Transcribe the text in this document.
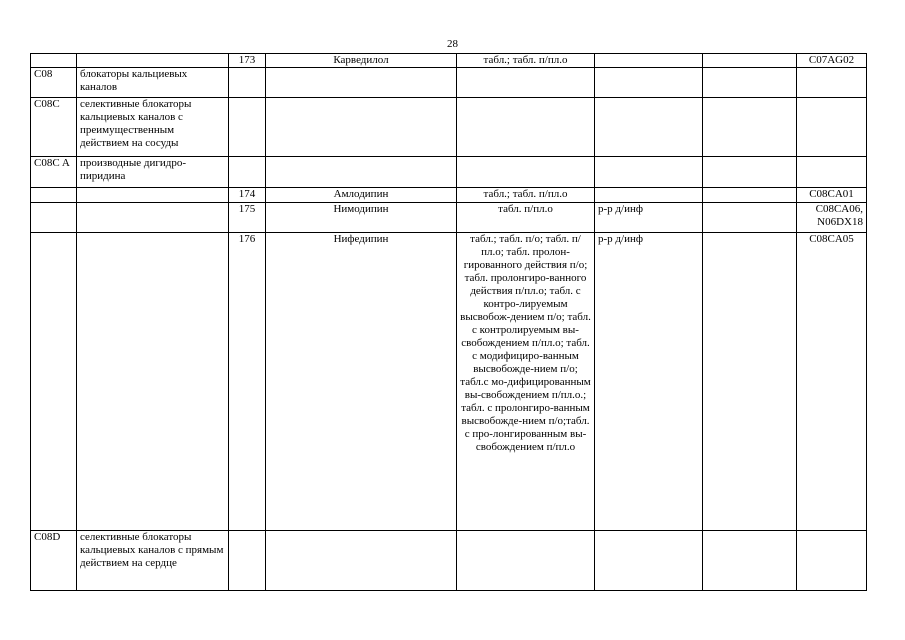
28
		173	Карведилол	табл.; табл. п/пл.о			C07AG02
C08	блокаторы кальциевых каналов						
C08C	селективные блокаторы кальциевых каналов с преимущественным действием на сосуды						
C08C A	производные дигидро-пиридина						
		174	Амлодипин	табл.; табл. п/пл.о			C08CA01
		175	Нимодипин	табл. п/пл.о	р-р д/инф		C08CA06, N06DX18
		176	Нифедипин	табл.; табл. п/о; табл. п/пл.о; табл. пролон-гированного действия п/о; табл. пролонгиро-ванного действия п/пл.о; табл. с контро-лируемым высвобож-дением п/о; табл. с контролируемым вы-свобождением п/пл.о; табл. с модифициро-ванным высвобожде-нием п/о; табл.с мо-дифицированным вы-свобождением п/пл.о.; табл. с пролонгиро-ванным высвобожде-нием п/о;табл. с про-лонгированным вы-свобождением п/пл.о	р-р д/инф		C08CA05
C08D	селективные блокаторы кальциевых каналов с прямым действием на сердце						
